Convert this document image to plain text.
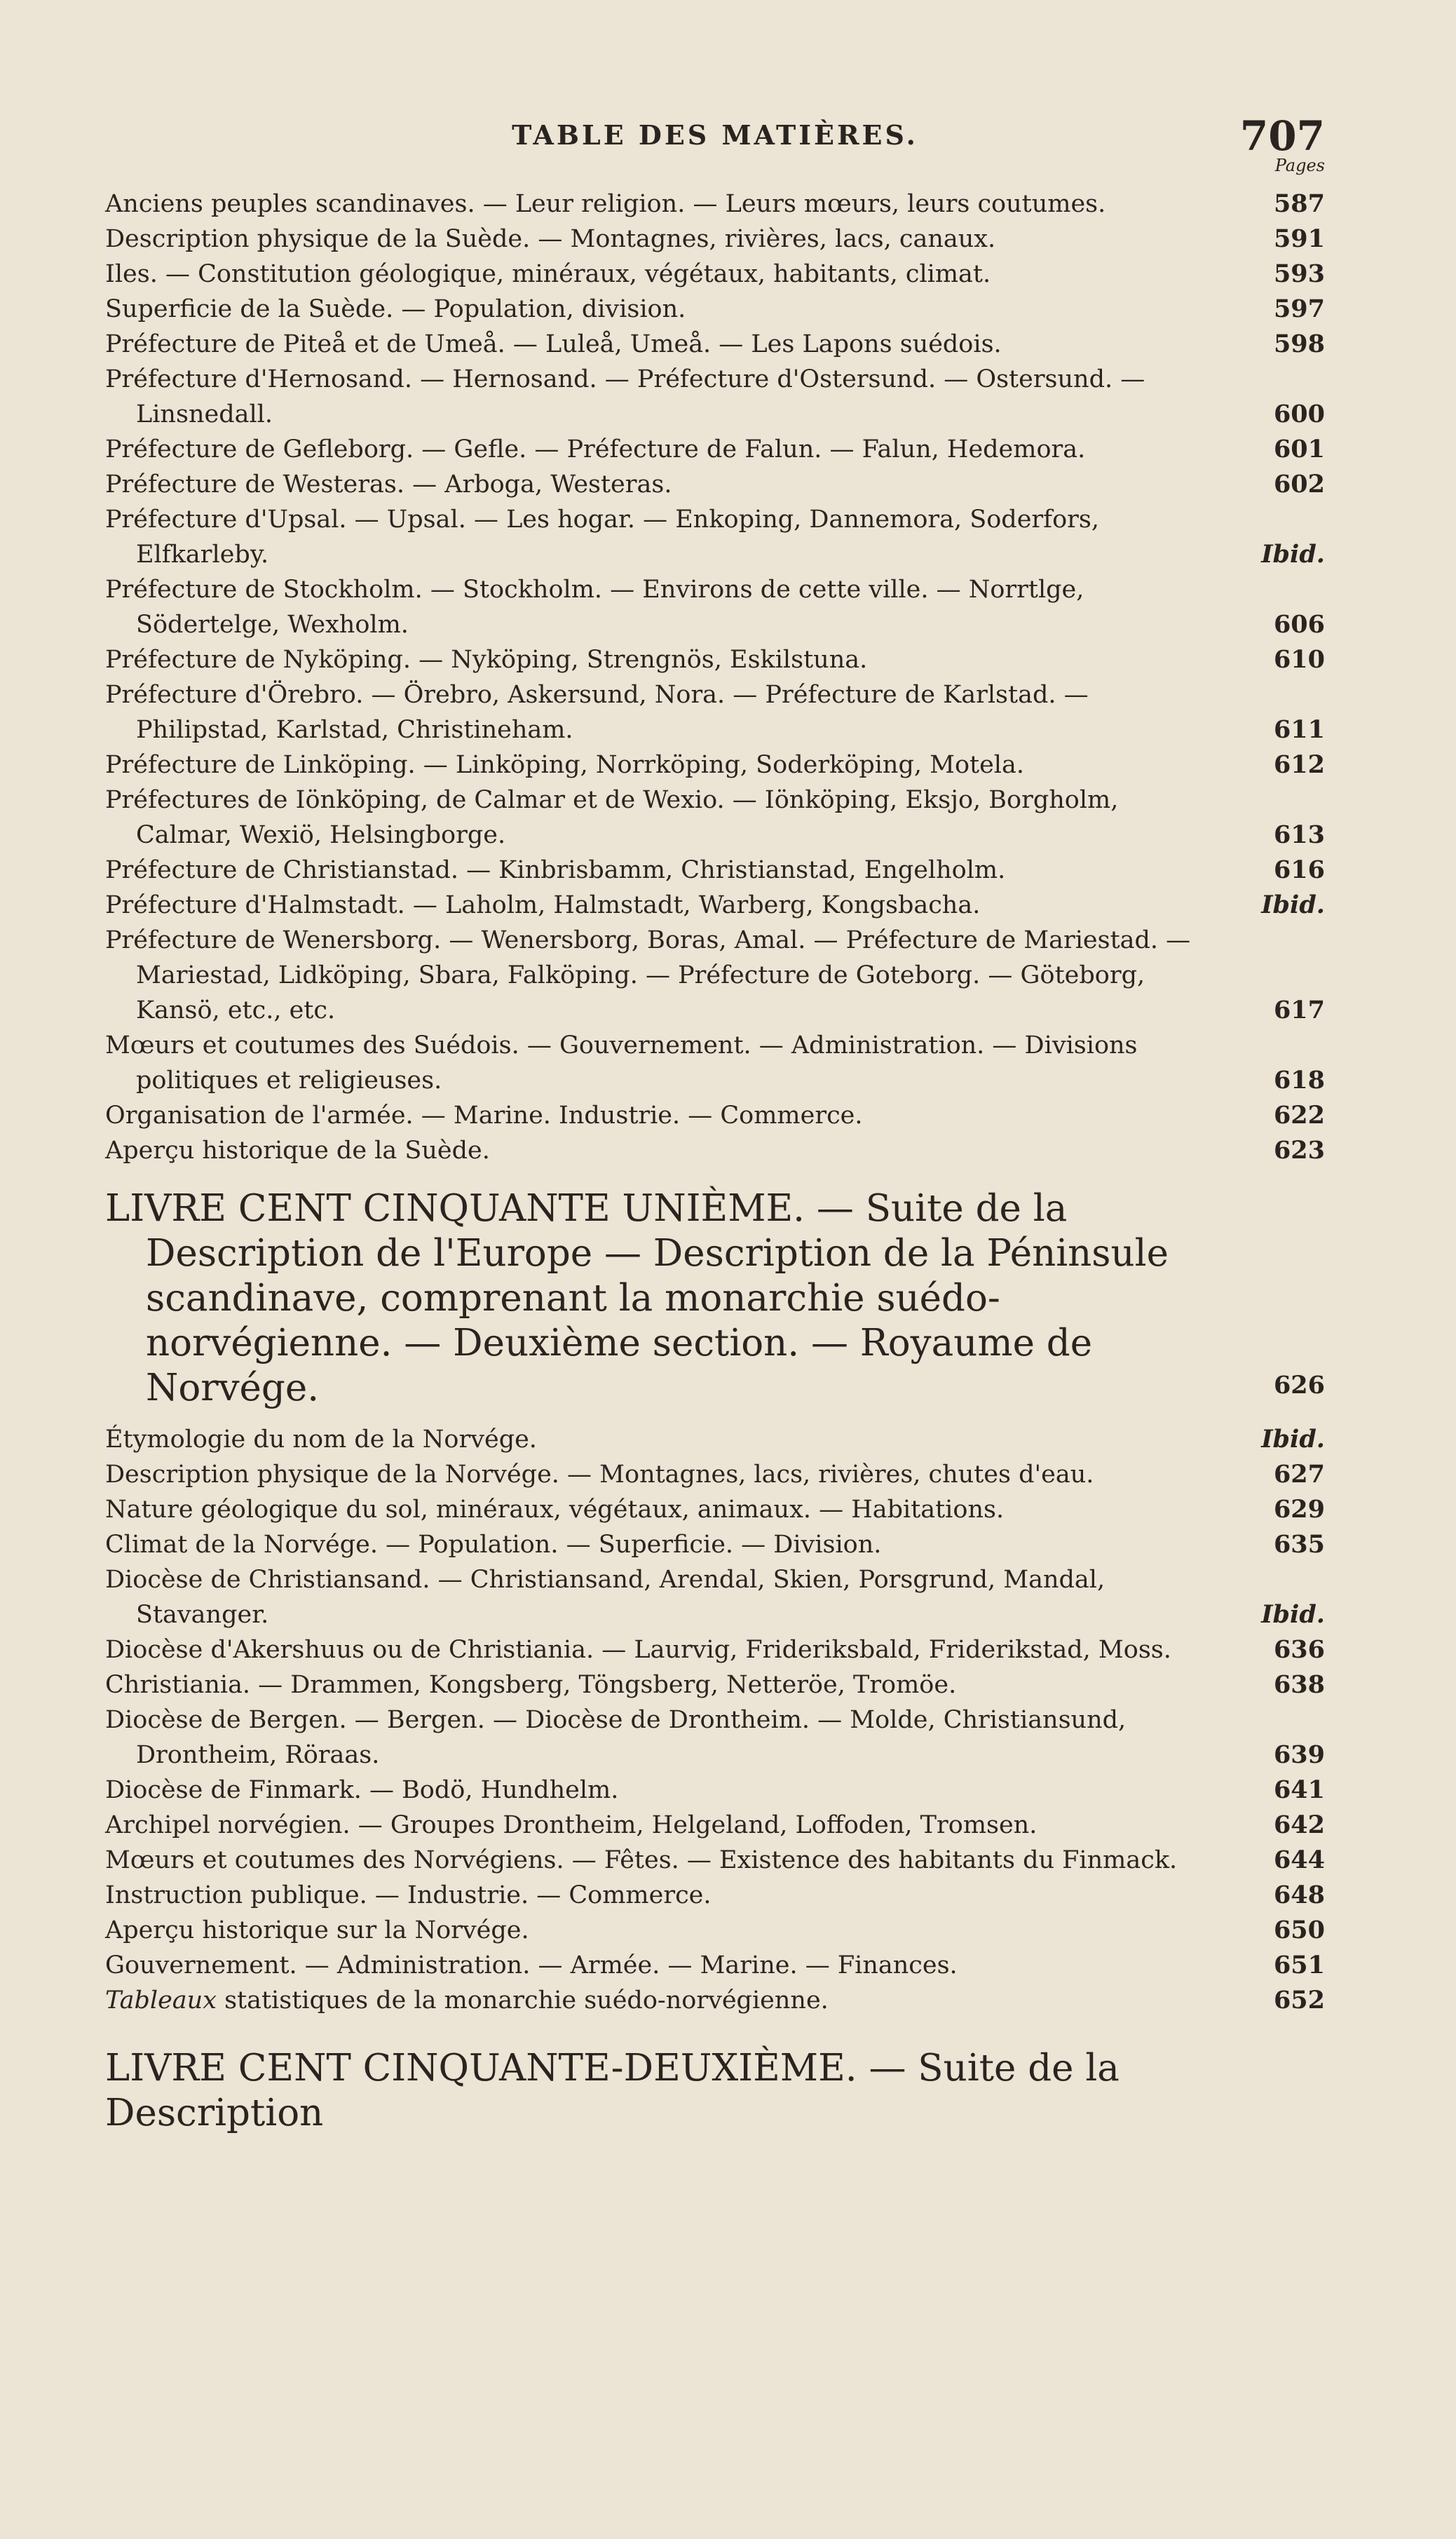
TABLE DES MATIÈRES.	707
Pages
Anciens peuples scandinaves. — Leur religion. — Leurs mœurs, leurs coutumes.	587
Description physique de la Suède. — Montagnes, rivières, lacs, canaux.	591
Iles. — Constitution géologique, minéraux, végétaux, habitants, climat.	593
Superficie de la Suède. — Population, division.	597
Préfecture de Piteå et de Umeå. — Luleå, Umeå. — Les Lapons suédois.	598
Préfecture d'Hernosand. — Hernosand. — Préfecture d'Ostersund. — Ostersund. — Linsnedall.	600
Préfecture de Gefleborg. — Gefle. — Préfecture de Falun. — Falun, Hedemora.	601
Préfecture de Westeras. — Arboga, Westeras.	602
Préfecture d'Upsal. — Upsal. — Les hogar. — Enkoping, Dannemora, Soderfors, Elfkarleby.	Ibid.
Préfecture de Stockholm. — Stockholm. — Environs de cette ville. — Norrtlge, Södertelge, Wexholm.	606
Préfecture de Nyköping. — Nyköping, Strengnös, Eskilstuna.	610
Préfecture d'Örebro. — Örebro, Askersund, Nora. — Préfecture de Karlstad. — Philipstad, Karlstad, Christineham.	611
Préfecture de Linköping. — Linköping, Norrköping, Soderköping, Motela.	612
Préfectures de Iönköping, de Calmar et de Wexio. — Iönköping, Eksjo, Borgholm, Calmar, Wexiö, Helsingborge.	613
Préfecture de Christianstad. — Kinbrisbamm, Christianstad, Engelholm.	616
Préfecture d'Halmstadt. — Laholm, Halmstadt, Warberg, Kongsbacha.	Ibid.
Préfecture de Wenersborg. — Wenersborg, Boras, Amal. — Préfecture de Mariestad. — Mariestad, Lidköping, Sbara, Falköping. — Préfecture de Goteborg. — Göteborg, Kansö, etc., etc.	617
Mœurs et coutumes des Suédois. — Gouvernement. — Administration. — Divisions politiques et religieuses.	618
Organisation de l'armée. — Marine. Industrie. — Commerce.	622
Aperçu historique de la Suède.	623
LIVRE CENT CINQUANTE UNIÈME. — Suite de la Description de l'Europe — Description de la Péninsule scandinave, comprenant la monarchie suédo-norvégienne. — Deuxième section. — Royaume de Norvége.	626
Étymologie du nom de la Norvége.	Ibid.
Description physique de la Norvége. — Montagnes, lacs, rivières, chutes d'eau.	627
Nature géologique du sol, minéraux, végétaux, animaux. — Habitations.	629
Climat de la Norvége. — Population. — Superficie. — Division.	635
Diocèse de Christiansand. — Christiansand, Arendal, Skien, Porsgrund, Mandal, Stavanger.	Ibid.
Diocèse d'Akershuus ou de Christiania. — Laurvig, Frideriksbald, Friderikstad, Moss.	636
Christiania. — Drammen, Kongsberg, Töngsberg, Netteröe, Tromöe.	638
Diocèse de Bergen. — Bergen. — Diocèse de Drontheim. — Molde, Christiansund, Drontheim, Röraas.	639
Diocèse de Finmark. — Bodö, Hundhelm.	641
Archipel norvégien. — Groupes Drontheim, Helgeland, Loffoden, Tromsen.	642
Mœurs et coutumes des Norvégiens. — Fêtes. — Existence des habitants du Finmack.	644
Instruction publique. — Industrie. — Commerce.	648
Aperçu historique sur la Norvége.	650
Gouvernement. — Administration. — Armée. — Marine. — Finances.	651
Tableaux statistiques de la monarchie suédo-norvégienne.	652
LIVRE CENT CINQUANTE-DEUXIÈME. — Suite de la Description
